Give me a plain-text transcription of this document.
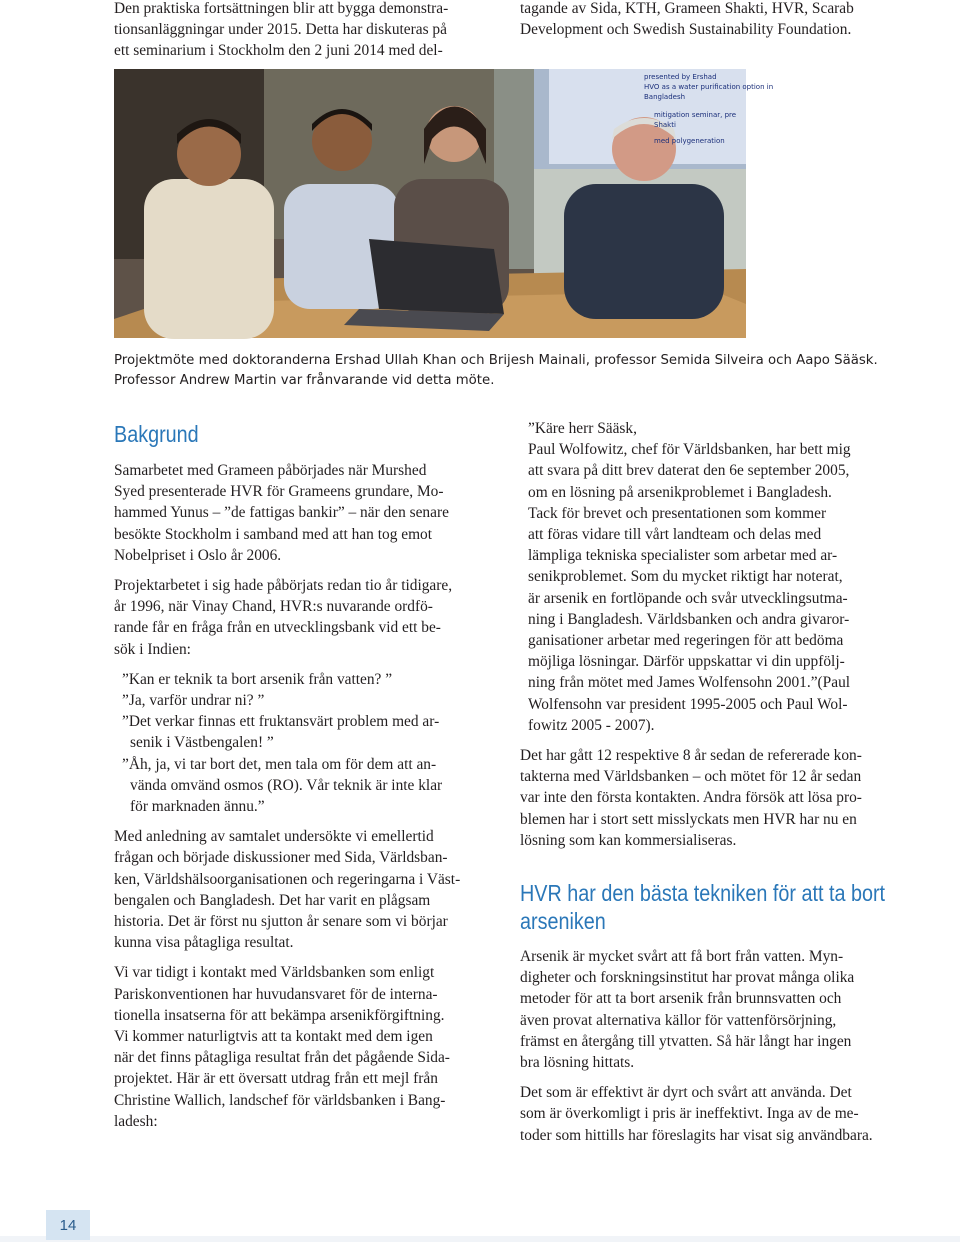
Den praktiska fortsättningen blir att bygga demonstra-
tionsanläggningar under 2015. Detta har diskuteras på
ett seminarium i Stockholm den 2 juni 2014 med del-
tagande av Sida, KTH, Grameen Shakti, HVR, Scarab
Development och Swedish Sustainability Foundation.
presented by Ershad
HVO as a water purification option in
Bangladesh
mitigation seminar, pre
Shakti
med polygeneration
Projektmöte med doktoranderna Ershad Ullah Khan och Brijesh Mainali, professor Semida Silveira och Aapo Sääsk.
Professor Andrew Martin var frånvarande vid detta möte.
Bakgrund
Samarbetet med Grameen påbörjades när Murshed
Syed presenterade HVR för Grameens grundare, Mo-
hammed Yunus – ”de fattigas bankir” – när den senare
besökte Stockholm i samband med att han tog emot
Nobelpriset i Oslo år 2006.
Projektarbetet i sig hade påbörjats redan tio år tidigare,
år 1996, när Vinay Chand, HVR:s nuvarande ordfö-
rande får en fråga från en utvecklingsbank vid ett be-
sök i Indien:
”Kan er teknik ta bort arsenik från vatten? ”
”Ja, varför undrar ni? ”
”Det verkar finnas ett fruktansvärt problem med ar-
senik i Västbengalen! ”
”Åh, ja, vi tar bort det, men tala om för dem att an-
vända omvänd osmos (RO). Vår teknik är inte klar
för marknaden ännu.”
Med anledning av samtalet undersökte vi emellertid
frågan och började diskussioner med Sida, Världsban-
ken, Världshälsoorganisationen och regeringarna i Väst-
bengalen och Bangladesh. Det har varit en plågsam
historia. Det är först nu sjutton år senare som vi börjar
kunna visa påtagliga resultat.
Vi var tidigt i kontakt med Världsbanken som enligt
Pariskonventionen har huvudansvaret för de interna-
tionella insatserna för att bekämpa arsenikförgiftning.
Vi kommer naturligtvis att ta kontakt med dem igen
när det finns påtagliga resultat från det pågående Sida-
projektet. Här är ett översatt utdrag från ett mejl från
Christine Wallich, landschef för världsbanken i Bang-
ladesh:
”Käre herr Sääsk,
Paul Wolfowitz, chef för Världsbanken, har bett mig
att svara på ditt brev daterat den 6e september 2005,
om en lösning på arsenikproblemet i Bangladesh.
Tack för brevet och presentationen som kommer
att föras vidare till vårt landteam och delas med
lämpliga tekniska specialister som arbetar med ar-
senikproblemet. Som du mycket riktigt har noterat,
är arsenik en fortlöpande och svår utvecklingsutma-
ning i Bangladesh. Världsbanken och andra givaror-
ganisationer arbetar med regeringen för att bedöma
möjliga lösningar. Därför uppskattar vi din uppfölj-
ning från mötet med James Wolfensohn 2001.”(Paul
Wolfensohn var president 1995-2005 och Paul Wol-
fowitz 2005 - 2007).
Det har gått 12 respektive 8 år sedan de refererade kon-
takterna med Världsbanken – och mötet för 12 år sedan
var inte den första kontakten. Andra försök att lösa pro-
blemen har i stort sett misslyckats men HVR har nu en
lösning som kan kommersialiseras.
HVR har den bästa tekniken för att ta bort
arseniken
Arsenik är mycket svårt att få bort från vatten. Myn-
digheter och forskningsinstitut har provat många olika
metoder för att ta bort arsenik från brunnsvatten och
även provat alternativa källor för vattenförsörjning,
främst en återgång till ytvatten. Så här långt har ingen
bra lösning hittats.
Det som är effektivt är dyrt och svårt att använda. Det
som är överkomligt i pris är ineffektivt. Inga av de me-
toder som hittills har föreslagits har visat sig användbara.
14
